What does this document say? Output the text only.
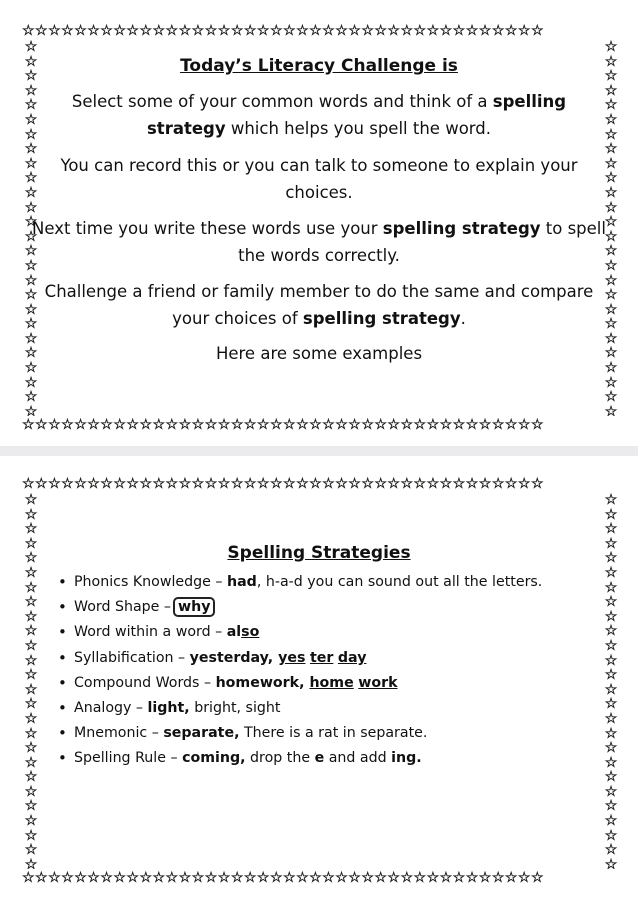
☆☆☆☆☆☆☆☆☆☆☆☆☆☆☆☆☆☆☆☆☆☆☆☆☆☆☆☆☆☆☆☆☆☆☆☆☆☆☆☆
☆☆☆☆☆☆☆☆☆☆☆☆☆☆☆☆☆☆☆☆☆☆☆☆☆☆☆☆☆☆☆☆☆☆☆☆☆☆☆☆
☆☆☆☆☆☆☆☆☆☆☆☆☆☆☆☆☆☆☆☆☆☆☆☆☆☆
☆☆☆☆☆☆☆☆☆☆☆☆☆☆☆☆☆☆☆☆☆☆☆☆☆☆
Today’s Literacy Challenge is
Select some of your common words and think of a spelling strategy which helps you spell the word.
You can record this or you can talk to someone to explain your choices.
Next time you write these words use your spelling strategy to spell the words correctly.
Challenge a friend or family member to do the same and compare your choices of spelling strategy.
Here are some examples
☆☆☆☆☆☆☆☆☆☆☆☆☆☆☆☆☆☆☆☆☆☆☆☆☆☆☆☆☆☆☆☆☆☆☆☆☆☆☆☆
☆☆☆☆☆☆☆☆☆☆☆☆☆☆☆☆☆☆☆☆☆☆☆☆☆☆☆☆☆☆☆☆☆☆☆☆☆☆☆☆
☆☆☆☆☆☆☆☆☆☆☆☆☆☆☆☆☆☆☆☆☆☆☆☆☆☆
☆☆☆☆☆☆☆☆☆☆☆☆☆☆☆☆☆☆☆☆☆☆☆☆☆☆
Spelling Strategies
• Phonics Knowledge – had, h-a-d you can sound out all the letters.
• Word Shape – why
• Word within a word – also
• Syllabification – yesterday, yes ter day
• Compound Words – homework, home work
• Analogy – light, bright, sight
• Mnemonic – separate, There is a rat in separate.
• Spelling Rule – coming, drop the e and add ing.
